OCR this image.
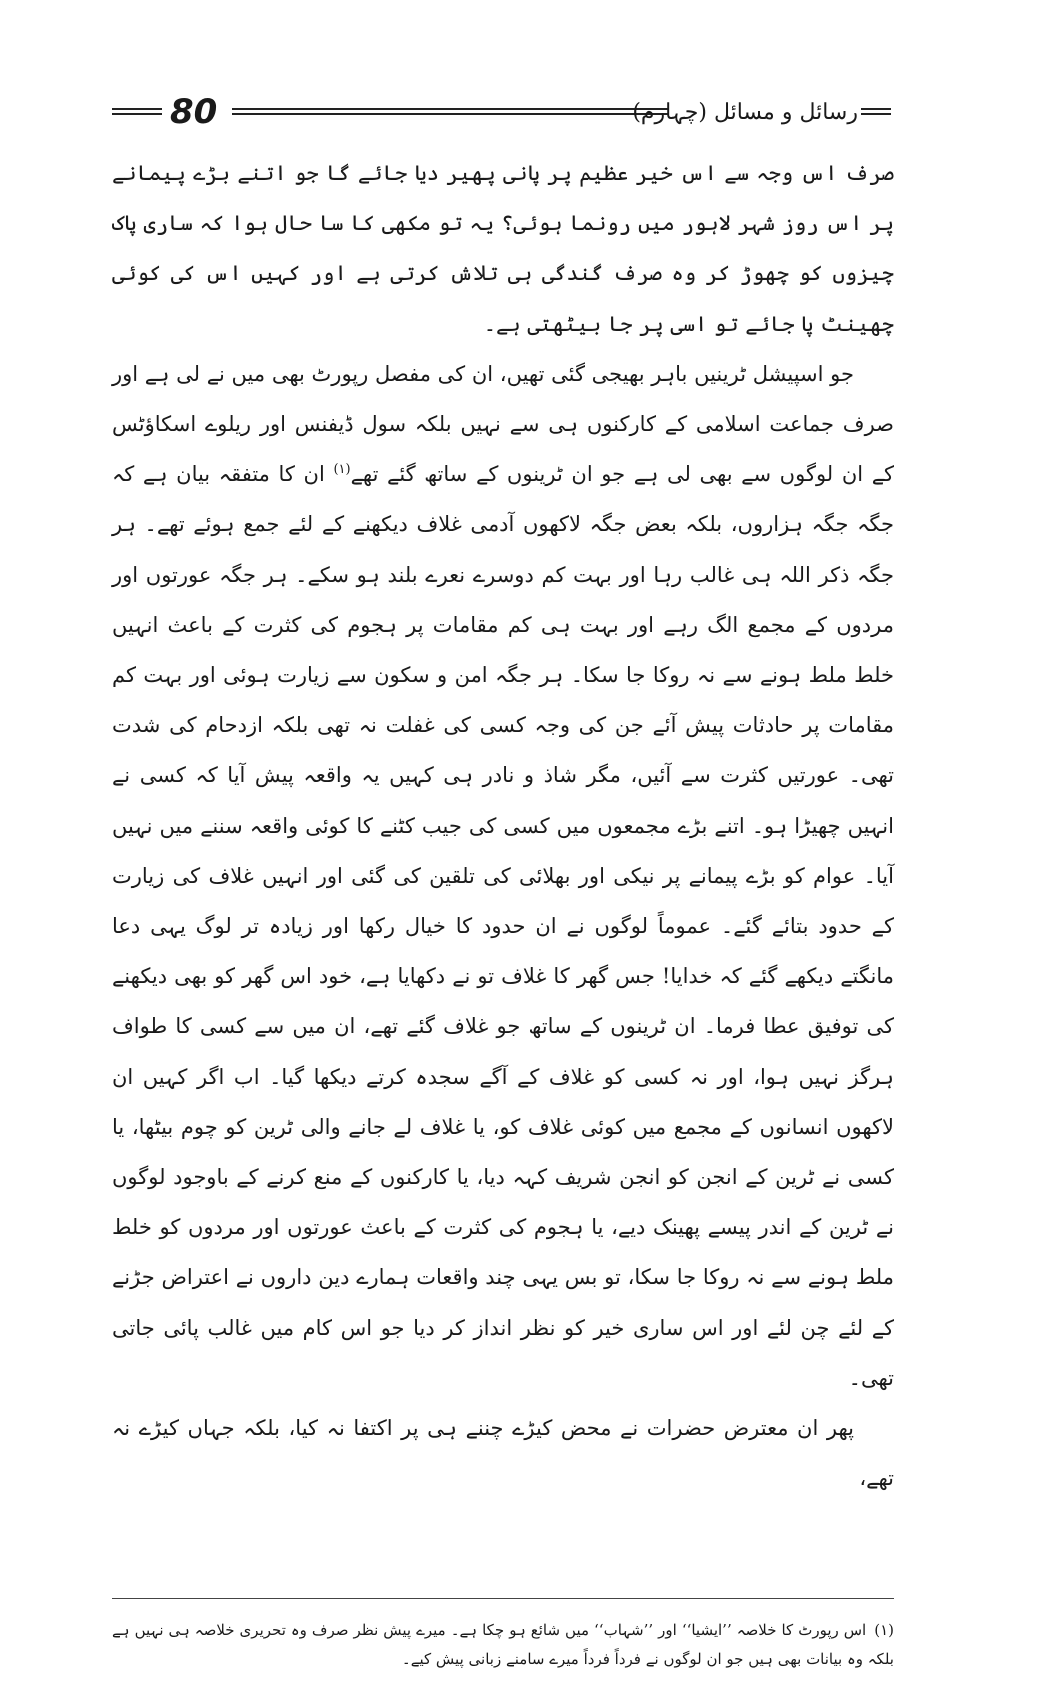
80	رسائل و مسائل (چہارم)

صرف اس وجہ سے اس خیر عظیم پر پانی پھیر دیا جائے گا جو اتنے بڑے پیمانے پر اس روز شہر لاہور میں رونما ہوئی؟ یہ تو مکھی کا سا حال ہوا کہ ساری پاک چیزوں کو چھوڑ کر وہ صرف گندگی ہی تلاش کرتی ہے اور کہیں اس کی کوئی چھینٹ پا جائے تو اسی پر جا بیٹھتی ہے۔

جو اسپیشل ٹرینیں باہر بھیجی گئی تھیں، ان کی مفصل رپورٹ بھی میں نے لی ہے اور صرف جماعت اسلامی کے کارکنوں ہی سے نہیں بلکہ سول ڈیفنس اور ریلوے اسکاؤٹس کے ان لوگوں سے بھی لی ہے جو ان ٹرینوں کے ساتھ گئے تھے$^{(۱)}$ ان کا متفقہ بیان ہے کہ جگہ جگہ ہزاروں، بلکہ بعض جگہ لاکھوں آدمی غلاف دیکھنے کے لئے جمع ہوئے تھے۔ ہر جگہ ذکر اللہ ہی غالب رہا اور بہت کم دوسرے نعرے بلند ہو سکے۔ ہر جگہ عورتوں اور مردوں کے مجمع الگ رہے اور بہت ہی کم مقامات پر ہجوم کی کثرت کے باعث انہیں خلط ملط ہونے سے نہ روکا جا سکا۔ ہر جگہ امن و سکون سے زیارت ہوئی اور بہت کم مقامات پر حادثات پیش آئے جن کی وجہ کسی کی غفلت نہ تھی بلکہ ازدحام کی شدت تھی۔ عورتیں کثرت سے آئیں، مگر شاذ و نادر ہی کہیں یہ واقعہ پیش آیا کہ کسی نے انہیں چھیڑا ہو۔ اتنے بڑے مجمعوں میں کسی کی جیب کٹنے کا کوئی واقعہ سننے میں نہیں آیا۔ عوام کو بڑے پیمانے پر نیکی اور بھلائی کی تلقین کی گئی اور انہیں غلاف کی زیارت کے حدود بتائے گئے۔ عموماً لوگوں نے ان حدود کا خیال رکھا اور زیادہ تر لوگ یہی دعا مانگتے دیکھے گئے کہ خدایا! جس گھر کا غلاف تو نے دکھایا ہے، خود اس گھر کو بھی دیکھنے کی توفیق عطا فرما۔ ان ٹرینوں کے ساتھ جو غلاف گئے تھے، ان میں سے کسی کا طواف ہرگز نہیں ہوا، اور نہ کسی کو غلاف کے آگے سجدہ کرتے دیکھا گیا۔ اب اگر کہیں ان لاکھوں انسانوں کے مجمع میں کوئی غلاف کو، یا غلاف لے جانے والی ٹرین کو چوم بیٹھا، یا کسی نے ٹرین کے انجن کو انجن شریف کہہ دیا، یا کارکنوں کے منع کرنے کے باوجود لوگوں نے ٹرین کے اندر پیسے پھینک دیے، یا ہجوم کی کثرت کے باعث عورتوں اور مردوں کو خلط ملط ہونے سے نہ روکا جا سکا، تو بس یہی چند واقعات ہمارے دین داروں نے اعتراض جڑنے کے لئے چن لئے اور اس ساری خیر کو نظر انداز کر دیا جو اس کام میں غالب پائی جاتی تھی۔

پھر ان معترض حضرات نے محض کیڑے چننے ہی پر اکتفا نہ کیا، بلکہ جہاں کیڑے نہ تھے،

(۱)اس رپورٹ کا خلاصہ ’’ایشیا‘‘ اور ’’شہاب‘‘ میں شائع ہو چکا ہے۔ میرے پیش نظر صرف وہ تحریری خلاصہ ہی نہیں ہے بلکہ وہ بیانات بھی ہیں جو ان لوگوں نے فرداً فرداً میرے سامنے زبانی پیش کیے۔
